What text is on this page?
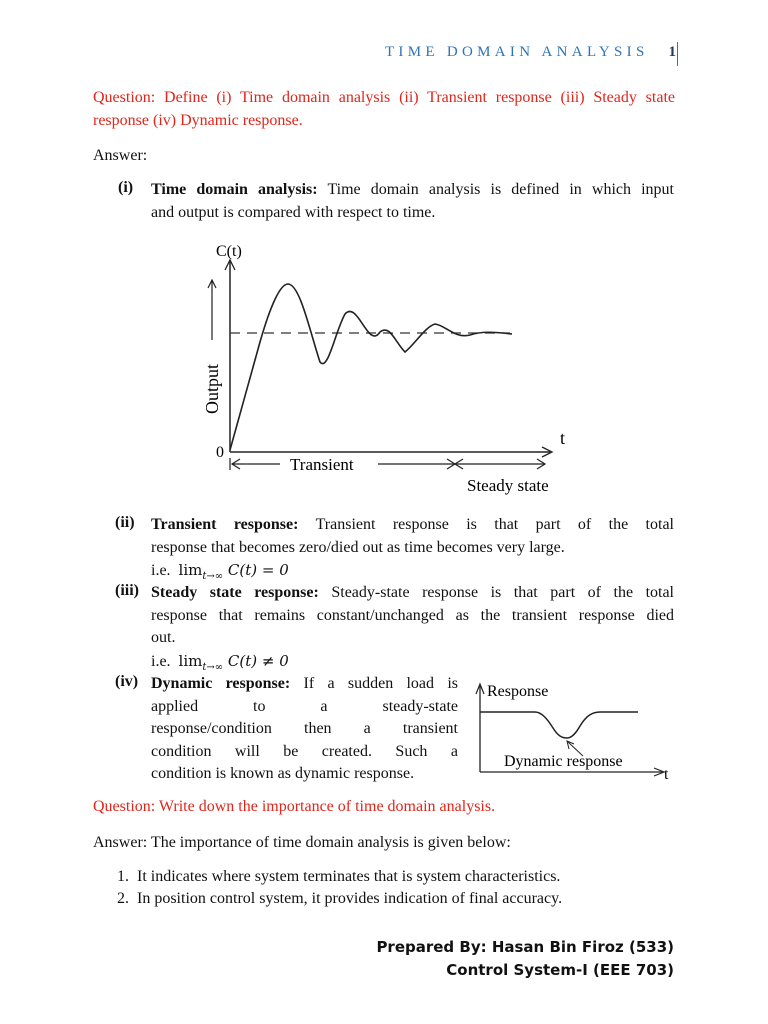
TIME DOMAIN ANALYSIS 1
Question: Define (i) Time domain analysis (ii) Transient response (iii) Steady state response (iv) Dynamic response.
Answer:
(i) Time domain analysis: Time domain analysis is defined in which input
and output is compared with respect to time.
C(t)
Output
0
t
Transient
Steady state
(ii) Transient response: Transient response is that part of the total
response that becomes zero/died out as time becomes very large.
i.e. $\lim_{t\to\infty} C(t) = 0$
(iii) Steady state response: Steady-state response is that part of the total
response that remains constant/unchanged as the transient response died
out.
i.e. $\lim_{t\to\infty} C(t) \ne 0$
(iv) Dynamic response: If a sudden load is
applied to a steady-state
response/condition then a transient
condition will be created. Such a
condition is known as dynamic response.
Response
Dynamic response
t
Question: Write down the importance of time domain analysis.
Answer: The importance of time domain analysis is given below:
1. It indicates where system terminates that is system characteristics.
2. In position control system, it provides indication of final accuracy.
Prepared By: Hasan Bin Firoz (533)
Control System-I (EEE 703)
